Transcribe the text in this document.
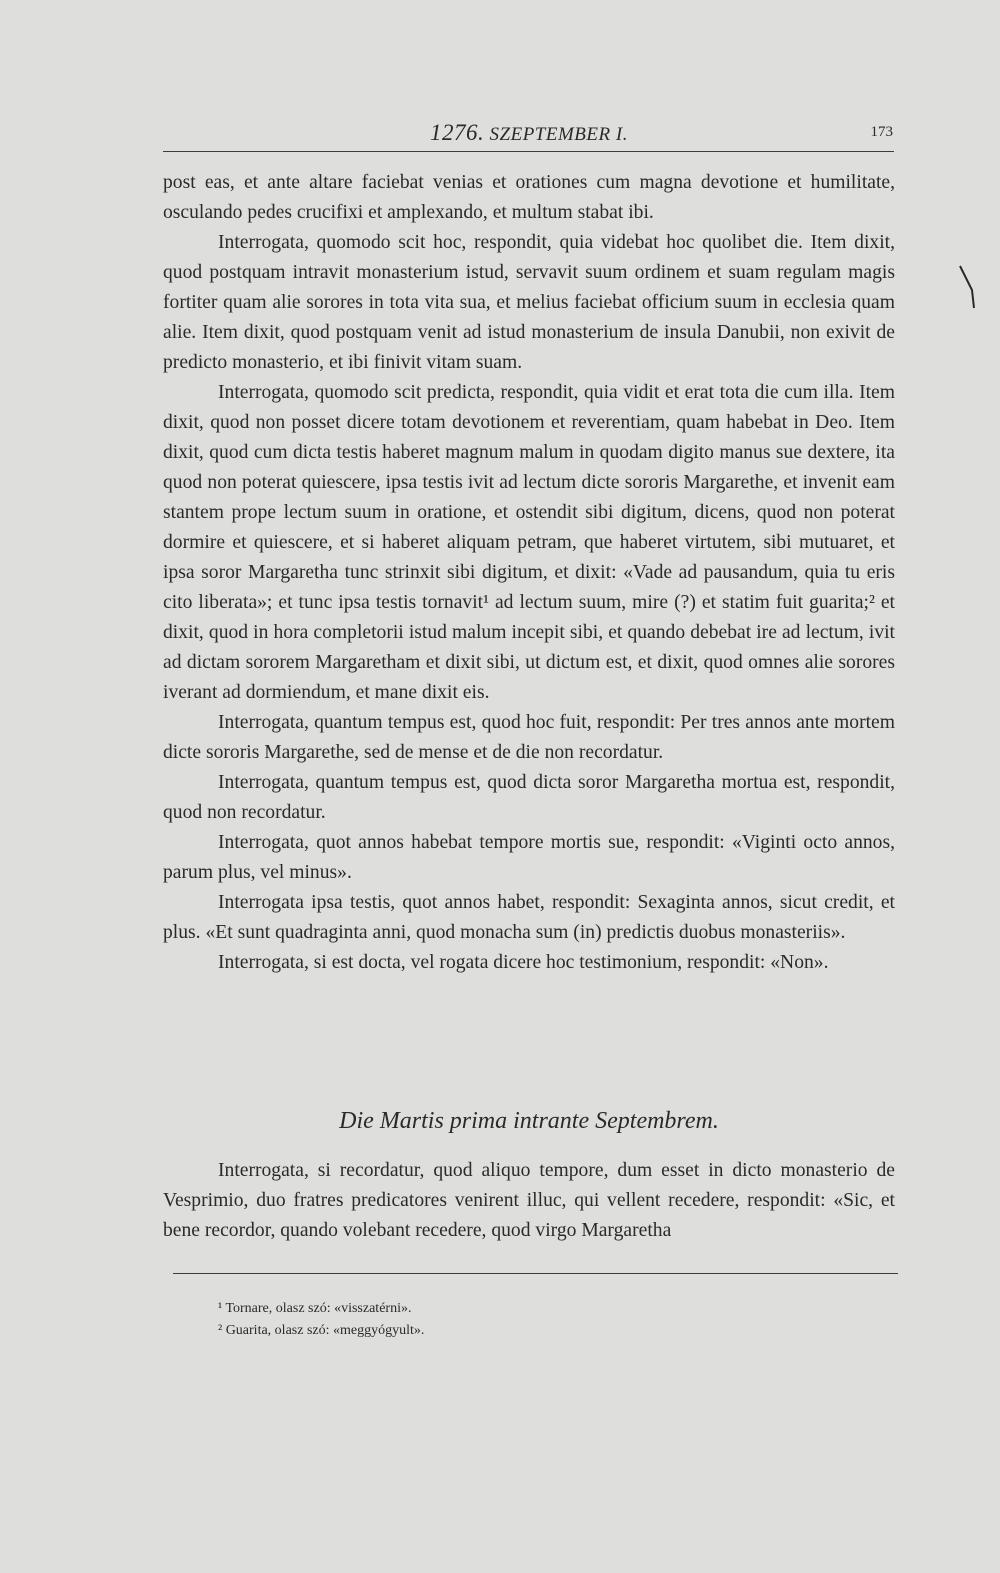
1276. SZEPTEMBER I.	173

post eas, et ante altare faciebat venias et orationes cum magna devotione et humilitate, osculando pedes crucifixi et amplexando, et multum stabat ibi.

Interrogata, quomodo scit hoc, respondit, quia videbat hoc quolibet die. Item dixit, quod postquam intravit monasterium istud, servavit suum ordinem et suam regulam magis fortiter quam alie sorores in tota vita sua, et melius faciebat officium suum in ecclesia quam alie. Item dixit, quod postquam venit ad istud monasterium de insula Danubii, non exivit de predicto monasterio, et ibi finivit vitam suam.

Interrogata, quomodo scit predicta, respondit, quia vidit et erat tota die cum illa. Item dixit, quod non posset dicere totam devotionem et reverentiam, quam habebat in Deo. Item dixit, quod cum dicta testis haberet magnum malum in quodam digito manus sue dextere, ita quod non poterat quiescere, ipsa testis ivit ad lectum dicte sororis Margarethe, et invenit eam stantem prope lectum suum in oratione, et ostendit sibi digitum, dicens, quod non poterat dormire et quiescere, et si haberet aliquam petram, que haberet virtutem, sibi mutuaret, et ipsa soror Margaretha tunc strinxit sibi digitum, et dixit: «Vade ad pausandum, quia tu eris cito liberata»; et tunc ipsa testis tornavit¹ ad lectum suum, mire (?) et statim fuit guarita;² et dixit, quod in hora completorii istud malum incepit sibi, et quando debebat ire ad lectum, ivit ad dictam sororem Margaretham et dixit sibi, ut dictum est, et dixit, quod omnes alie sorores iverant ad dormiendum, et mane dixit eis.

Interrogata, quantum tempus est, quod hoc fuit, respondit: Per tres annos ante mortem dicte sororis Margarethe, sed de mense et de die non recordatur.

Interrogata, quantum tempus est, quod dicta soror Margaretha mortua est, respondit, quod non recordatur.

Interrogata, quot annos habebat tempore mortis sue, respondit: «Viginti octo annos, parum plus, vel minus».

Interrogata ipsa testis, quot annos habet, respondit: Sexaginta annos, sicut credit, et plus. «Et sunt quadraginta anni, quod monacha sum (in) predictis duobus monasteriis».

Interrogata, si est docta, vel rogata dicere hoc testimonium, respondit: «Non».

Die Martis prima intrante Septembrem.

Interrogata, si recordatur, quod aliquo tempore, dum esset in dicto monasterio de Vesprimio, duo fratres predicatores venirent illuc, qui vellent recedere, respondit: «Sic, et bene recordor, quando volebant recedere, quod virgo Margaretha

¹ Tornare, olasz szó: «visszatérni».
² Guarita, olasz szó: «meggyógyult».
